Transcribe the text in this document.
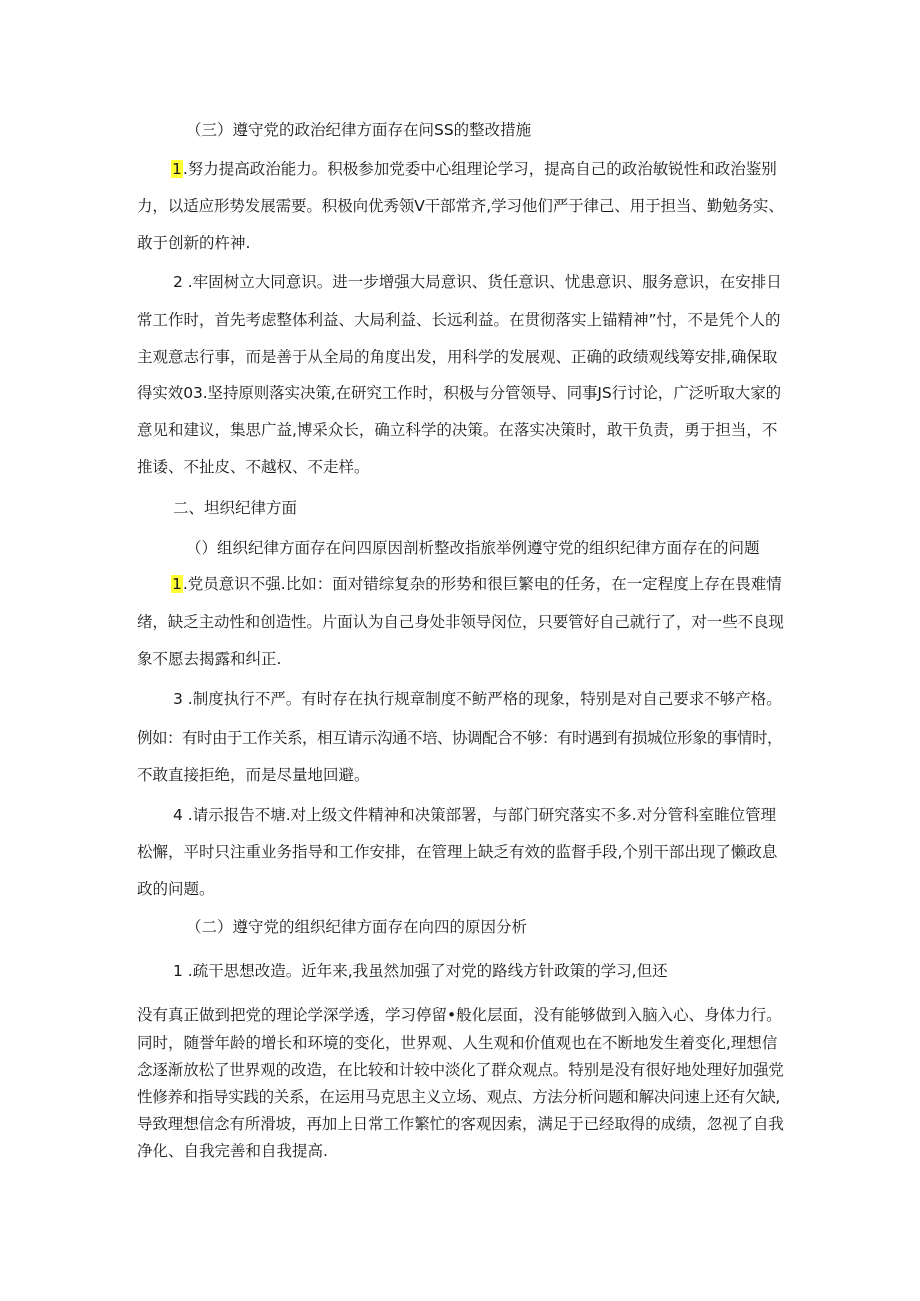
（三）遵守党的政治纪律方面存在问SS的整改措施
1.努力提高政治能力。积极参加党委中心组理论学习，提高自己的政治敏锐性和政治鉴别
力，以适应形势发展需要。积极向优秀领V干部常齐,学习他们严于律己、用于担当、勤勉务实、
敢于创新的杵神.
2 .牢固树立大同意识。进一步增强大局意识、货任意识、忧患意识、服务意识，在安排日
常工作时，首先考虑整体利益、大局利益、长远利益。在贯彻落实上锚精神”忖，不是凭个人的
主观意志行事，而是善于从全局的角度出发，用科学的发展观、正确的政绩观线筹安排,确保取
得实效03.坚持原则落实决策,在研究工作时，积极与分管领导、同事JS行讨论，广泛听取大家的
意见和建议，集思广益,博采众长，确立科学的决策。在落实决策时，敢干负责，勇于担当，不
推诿、不扯皮、不越权、不走样。
二、坦织纪律方面
（）组织纪律方面存在问四原因剖析整改指旅举例遵守党的组织纪律方面存在的问题
1.党员意识不强.比如：面对错综复杂的形势和很巨繁电的任务，在一定程度上存在畏难情
绪，缺乏主动性和创造性。片面认为自己身处非领导闵位，只要管好自己就行了，对一些不良现
象不愿去揭露和纠正.
3 .制度执行不严。有时存在执行规章制度不鲂严格的现象，特别是对自己要求不够产格。
例如：有时由于工作关系，相互请示沟通不培、协调配合不够：有时遇到有损城位形象的事情时，
不敢直接拒绝，而是尽量地回避。
4 .请示报告不塘.对上级文件精神和决策部署，与部门研究落实不多.对分管科室睢位管理
松懈，平时只注重业务指导和工作安排，在管理上缺乏有效的监督手段,个别干部出现了懒政息
政的问题。
（二）遵守党的组织纪律方面存在向四的原因分析
1 .疏干思想改造。近年来,我虽然加强了对党的路线方针政策的学习,但还
没有真正做到把党的理论学深学透，学习停留•般化层面，没有能够做到入脑入心、身体力行。
同时，随誉年龄的增长和环境的变化，世界观、人生观和价值观也在不断地发生着变化,理想信
念逐渐放松了世界观的改造，在比较和计较中淡化了群众观点。特别是没有很好地处理好加强党
性修养和指导实践的关系，在运用马克思主义立场、观点、方法分析问题和解决问速上还有欠缺,
导致理想信念有所滑坡，再加上日常工作繁忙的客观因索，满足于已经取得的成绩，忽视了自我
净化、自我完善和自我提高.
